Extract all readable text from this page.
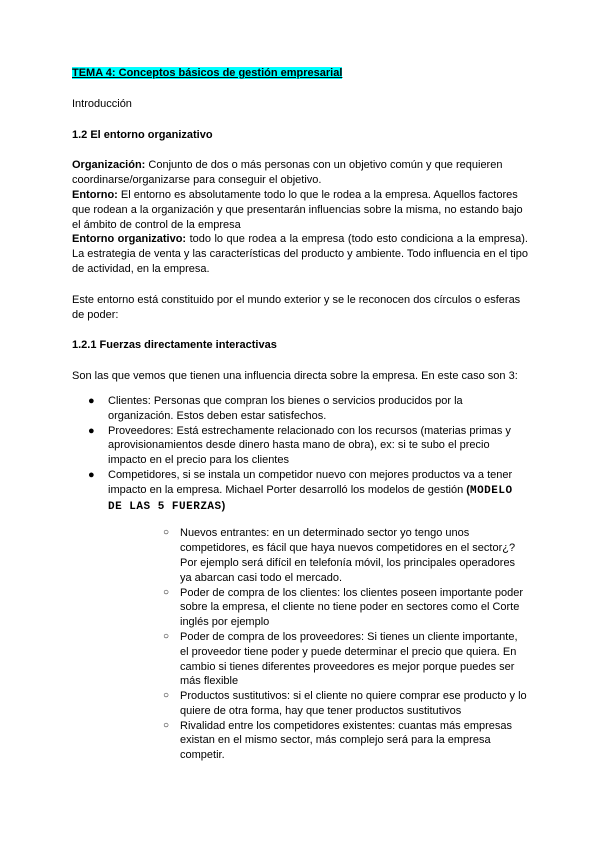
TEMA 4: Conceptos básicos de gestión empresarial

Introducción

1.2 El entorno organizativo

Organización: Conjunto de dos o más personas con un objetivo común y que requieren coordinarse/organizarse para conseguir el objetivo.

Entorno: El entorno es absolutamente todo lo que le rodea a la empresa. Aquellos factores que rodean a la organización y que presentarán influencias sobre la misma, no estando bajo el ámbito de control de la empresa

Entorno organizativo: todo lo que rodea a la empresa (todo esto condiciona a la empresa). La estrategia de venta y las características del producto y ambiente. Todo influencia en el tipo de actividad, en la empresa.

Este entorno está constituido por el mundo exterior y se le reconocen dos círculos o esferas de poder:

1.2.1 Fuerzas directamente interactivas

Son las que vemos que tienen una influencia directa sobre la empresa. En este caso son 3:

● Clientes: Personas que compran los bienes o servicios producidos por la organización. Estos deben estar satisfechos.
● Proveedores: Está estrechamente relacionado con los recursos (materias primas y aprovisionamientos desde dinero hasta mano de obra), ex: si te subo el precio impacto en el precio para los clientes
● Competidores, si se instala un competidor nuevo con mejores productos va a tener impacto en la empresa. Michael Porter desarrolló los modelos de gestión (MODELO DE LAS 5 FUERZAS)
○ Nuevos entrantes: en un determinado sector yo tengo unos competidores, es fácil que haya nuevos competidores en el sector¿? Por ejemplo será difícil en telefonía móvil, los principales operadores ya abarcan casi todo el mercado.
○ Poder de compra de los clientes: los clientes poseen importante poder sobre la empresa, el cliente no tiene poder en sectores como el Corte inglés por ejemplo
○ Poder de compra de los proveedores: Si tienes un cliente importante, el proveedor tiene poder y puede determinar el precio que quiera. En cambio si tienes diferentes proveedores es mejor porque puedes ser más flexible
○ Productos sustitutivos: si el cliente no quiere comprar ese producto y lo quiere de otra forma, hay que tener productos sustitutivos
○ Rivalidad entre los competidores existentes: cuantas más empresas existan en el mismo sector, más complejo será para la empresa competir.
